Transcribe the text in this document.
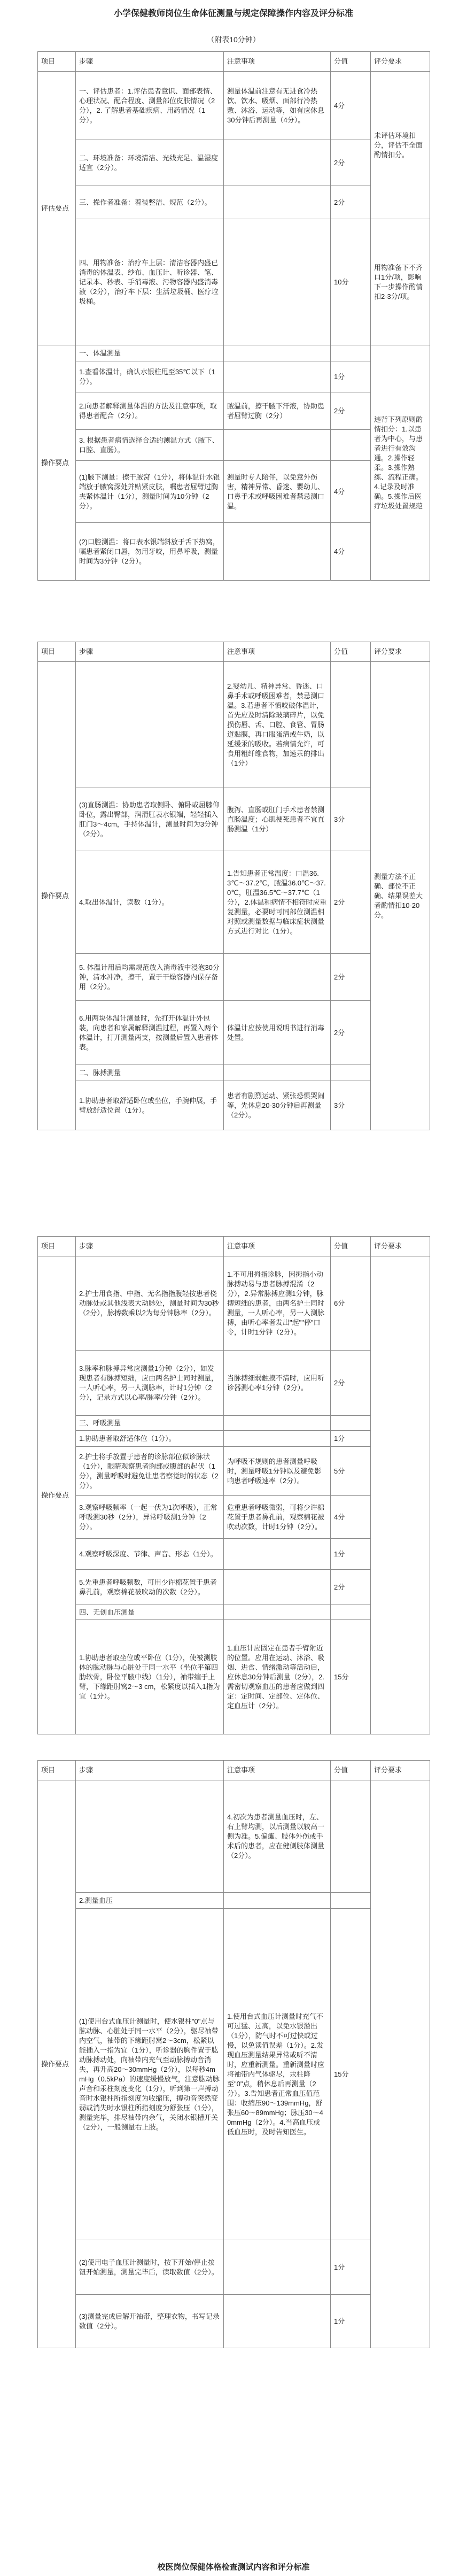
小学保健教师岗位生命体征测量与规定保障操作内容及评分标准
（附表10分钟）
项目	步骤	注意事项	分值	评分要求
评估要点	一、评估患者：1.评估患者意识、面部表情、心理状况、配合程度、测量部位皮肤情况（2分），2. 了解患者基础疾病、用药情况（1分）。	测量体温前注意有无进食冷热饮、饮水、吸烟、面部行冷热敷、沐浴、运动等，如有应休息30分钟后再测量（4分）。	4分	未评估环境扣分，评估不全面酌情扣分。
	二、环境准备：环境清洁、光线充足、温湿度适宜（2分）。		2分	
	三、操作者准备：着装整洁、规范（2分）。		2分	
	四、用物准备：治疗车上层：清洁容器内盛已消毒的体温表、纱布、血压计、听诊器、笔、记录本、秒表、手消毒液、污物容器内盛消毒液（2分），治疗车下层：生活垃圾桶、医疗垃圾桶。		10分	用物准备下不齐口1分/项，影响下一步操作酌情扣2-3分/项。
操作要点	一、体温测量			违背下列原则酌情扣分：1.以患者为中心，与患者进行有效沟通。2.操作轻柔。3.操作熟练、流程正确。4.记录及时准确。5.操作后医疗垃圾处置规范
	1.查看体温计，确认水银柱甩至35℃以下（1分）。		1分	
	2.向患者解释测量体温的方法及注意事项，取得患者配合（2分）。	腋温前，擦干腋下汗液，协助患者屈臂过胸（2分）	2分	
	3. 根据患者病情选择合适的测温方式（腋下、口腔、直肠）。			
	(1)腋下测量：擦干腋窝（1分），将体温计水银端放于腋窝深处并贴紧皮肤，嘱患者屈臂过胸夹紧体温计（1分），测量时间为10分钟（2分）。	测量时专人陪伴，以免意外伤害，精神异常、昏迷、婴幼儿、口鼻手术或呼吸困难者禁忌测口温。	4分	
	(2)口腔测温：将口表水银端斜放于舌下热窝，嘱患者紧闭口唇，勿用牙咬，用鼻呼吸，测量时间为3分钟（2分）。		4分	
项目	步骤	注意事项	分值	评分要求
操作要点		2.婴幼儿、精神异常、昏迷、口鼻手术或呼吸困难者，禁忌测口温。3.若患者不慎咬破体温计，首先应及时清除玻璃碎片，以免损伤唇、舌、口腔、食管、胃肠道黏膜，再口服蛋清或牛奶，以延缓汞的吸收。若病情允许，可食用粗纤维食物，加速汞的排出（1分）		测量方法不正确、部位不正确、结果误差大者酌情扣10-20分。
	(3)直肠测温：协助患者取侧卧、俯卧或屈膝仰卧位，露出臀部，润滑肛表水银端，轻轻插入肛门3～4cm，手持体温计，测量时间为3分钟（2分）。	腹泻、直肠或肛门手术患者禁测直肠温度；心肌梗死患者不宜直肠测温（1分）	3分	
	4.取出体温计，读数（1分）。	1.告知患者正常温度：口温36.3℃～37.2℃，腋温36.0℃～37.0℃，肛温36.5℃～37.7℃（1分），2.体温和病情不相符时应重复测量，必要时可同部位测温相对照或测量数据与临床症状测量方式进行对比（1分）。	2分	
	5. 体温计用后均需规范放入消毒液中浸泡30分钟，清水冲净，擦干，置于干燥容器内保存备用（2分）。		2分	
	6.用两块体温计测量时，先打开体温计外包装，向患者和家属解释测温过程，再置入两个体温计，打开测量两支，按测量后置入患者体表。	体温计应按使用说明书进行消毒处置。	2分	
	二、脉搏测量			
	1.协助患者取舒适卧位或坐位，手腕伸展，手臂放舒适位置（1分）。	患者有剧烈运动、紧张恐惧哭闹等，先休息20-30分钟后再测量（2分）。	3分	
项目	步骤	注意事项	分值	评分要求
操作要点	2.护士用食指、中指、无名指指腹轻按患者桡动脉处或其他浅表大动脉处，测量时间为30秒（2分），脉搏数乘以2为每分钟脉率（2分）。	1.不可用拇指诊脉，因拇指小动脉搏动易与患者脉搏混淆（2分），2.异常脉搏应测1分钟，脉搏短绌的患者，由两名护士同时测量，一人听心率，另一人测脉搏，由听心率者发出"起""停"口令，计时1分钟（2分）。	6分	
	3.脉率和脉搏异常应测量1分钟（2分），如发现患者有脉搏短绌，应由两名护士同时测量，一人听心率，另一人测脉率，计时1分钟（2分），记录方式以心率/脉率/分钟（2分）。	当脉搏细弱触摸不清时，应用听诊器测心率1分钟（2分）。	2分	
	三、呼吸测量			
	1.协助患者取舒适体位（1分）。		1分	
	2.护士将手放置于患者的诊脉部位似诊脉状（1分），眼睛观察患者胸部或腹部的起伏（1分），测量呼吸时避免让患者察觉时的状态（2分）。	为呼吸不规则的患者测量呼吸时，测量呼吸1分钟以及避免影响患者呼吸速率（2分）。	5分	
	3.观察呼吸频率（一起一伏为1次呼吸），正常呼吸测30秒（2分），异常呼吸测1分钟（2分）。	危重患者呼吸微弱，可将少许棉花置于患者鼻孔前，观察棉花被吹动次数，计时1分钟（2分）。	4分	
	4.观察呼吸深度、节律、声音、形态（1分）。		1分	
	5.先重患者呼吸频数，可用少许棉花置于患者鼻孔前，观察棉花被吹动的次数（2分）。		2分	
	四、无创血压测量			
	1.协助患者取坐位或平卧位（1分），使被测肢体的肱动脉与心脏处于同一水平（坐位平第四肋软骨，卧位平腋中线）（1分），袖带缠于上臂，下缘距肘窝2～3 cm，松紧度以插入1指为宜（1分）。	1.血压计应固定在患者手臂附近的位置。应用在运动、沐浴、吸烟、进食、情绪激动等活动后，应休息30分钟后测量（2分），2.需密切观察血压的患者应做到四定：定时间、定部位、定体位、定血压计（2分）。	15分	
项目	步骤	注意事项	分值	评分要求
操作要点		4.初次为患者测量血压时，左、右上臂均测，以后测量以较高一侧为准。5.偏瘫、肢体外伤或手术后的患者，应在健侧肢体测量（2分）。		
	2.测量血压			
	(1)使用台式血压计测量时，使水银柱"0"点与肱动脉、心脏处于同一水平（2分），驱尽袖带内空气，袖带的下缘距肘窝2～3cm，松紧以能插入一指为宜（1分），听诊器的胸件置于肱动脉搏动处，向袖带内充气至动脉搏动音消失，再升高20～30mmHg（2分），以每秒4mmHg（0.5kPa）的速度缓慢放气，注意肱动脉声音和汞柱刻度变化（1分），听到第一声搏动音时水银柱所指刻度为收缩压，搏动音突然变弱或消失时水银柱所指刻度为舒张压（1分），测量完毕，排尽袖带内余气，关闭水银槽开关（2分），一般测量右上肢。	1.使用台式血压计测量时充气不可过猛、过高，以免水银溢出（1分），防气时不可过快或过慢，以免读值误差（1分）。2.发现血压测量结果异常或听不清时，应重新测量。重新测量时应将袖带内气体驱尽，汞柱降至"0"点，稍休息后再测量（2分）。3.告知患者正常血压值范围：收缩压90～139mmHg，舒张压60～89mmHg；脉压30～40mmHg（2分）。4.当高血压或低血压时，及时告知医生。	15分	
	(2)使用电子血压计测量时，按下开始/停止按钮开始测量，测量完毕后，读取数值（2分）。		1分	
	(3)测量完成后解开袖带，整理衣物，书写记录数值（2分）。		1分	
校医岗位保健体格检查测试内容和评分标准
